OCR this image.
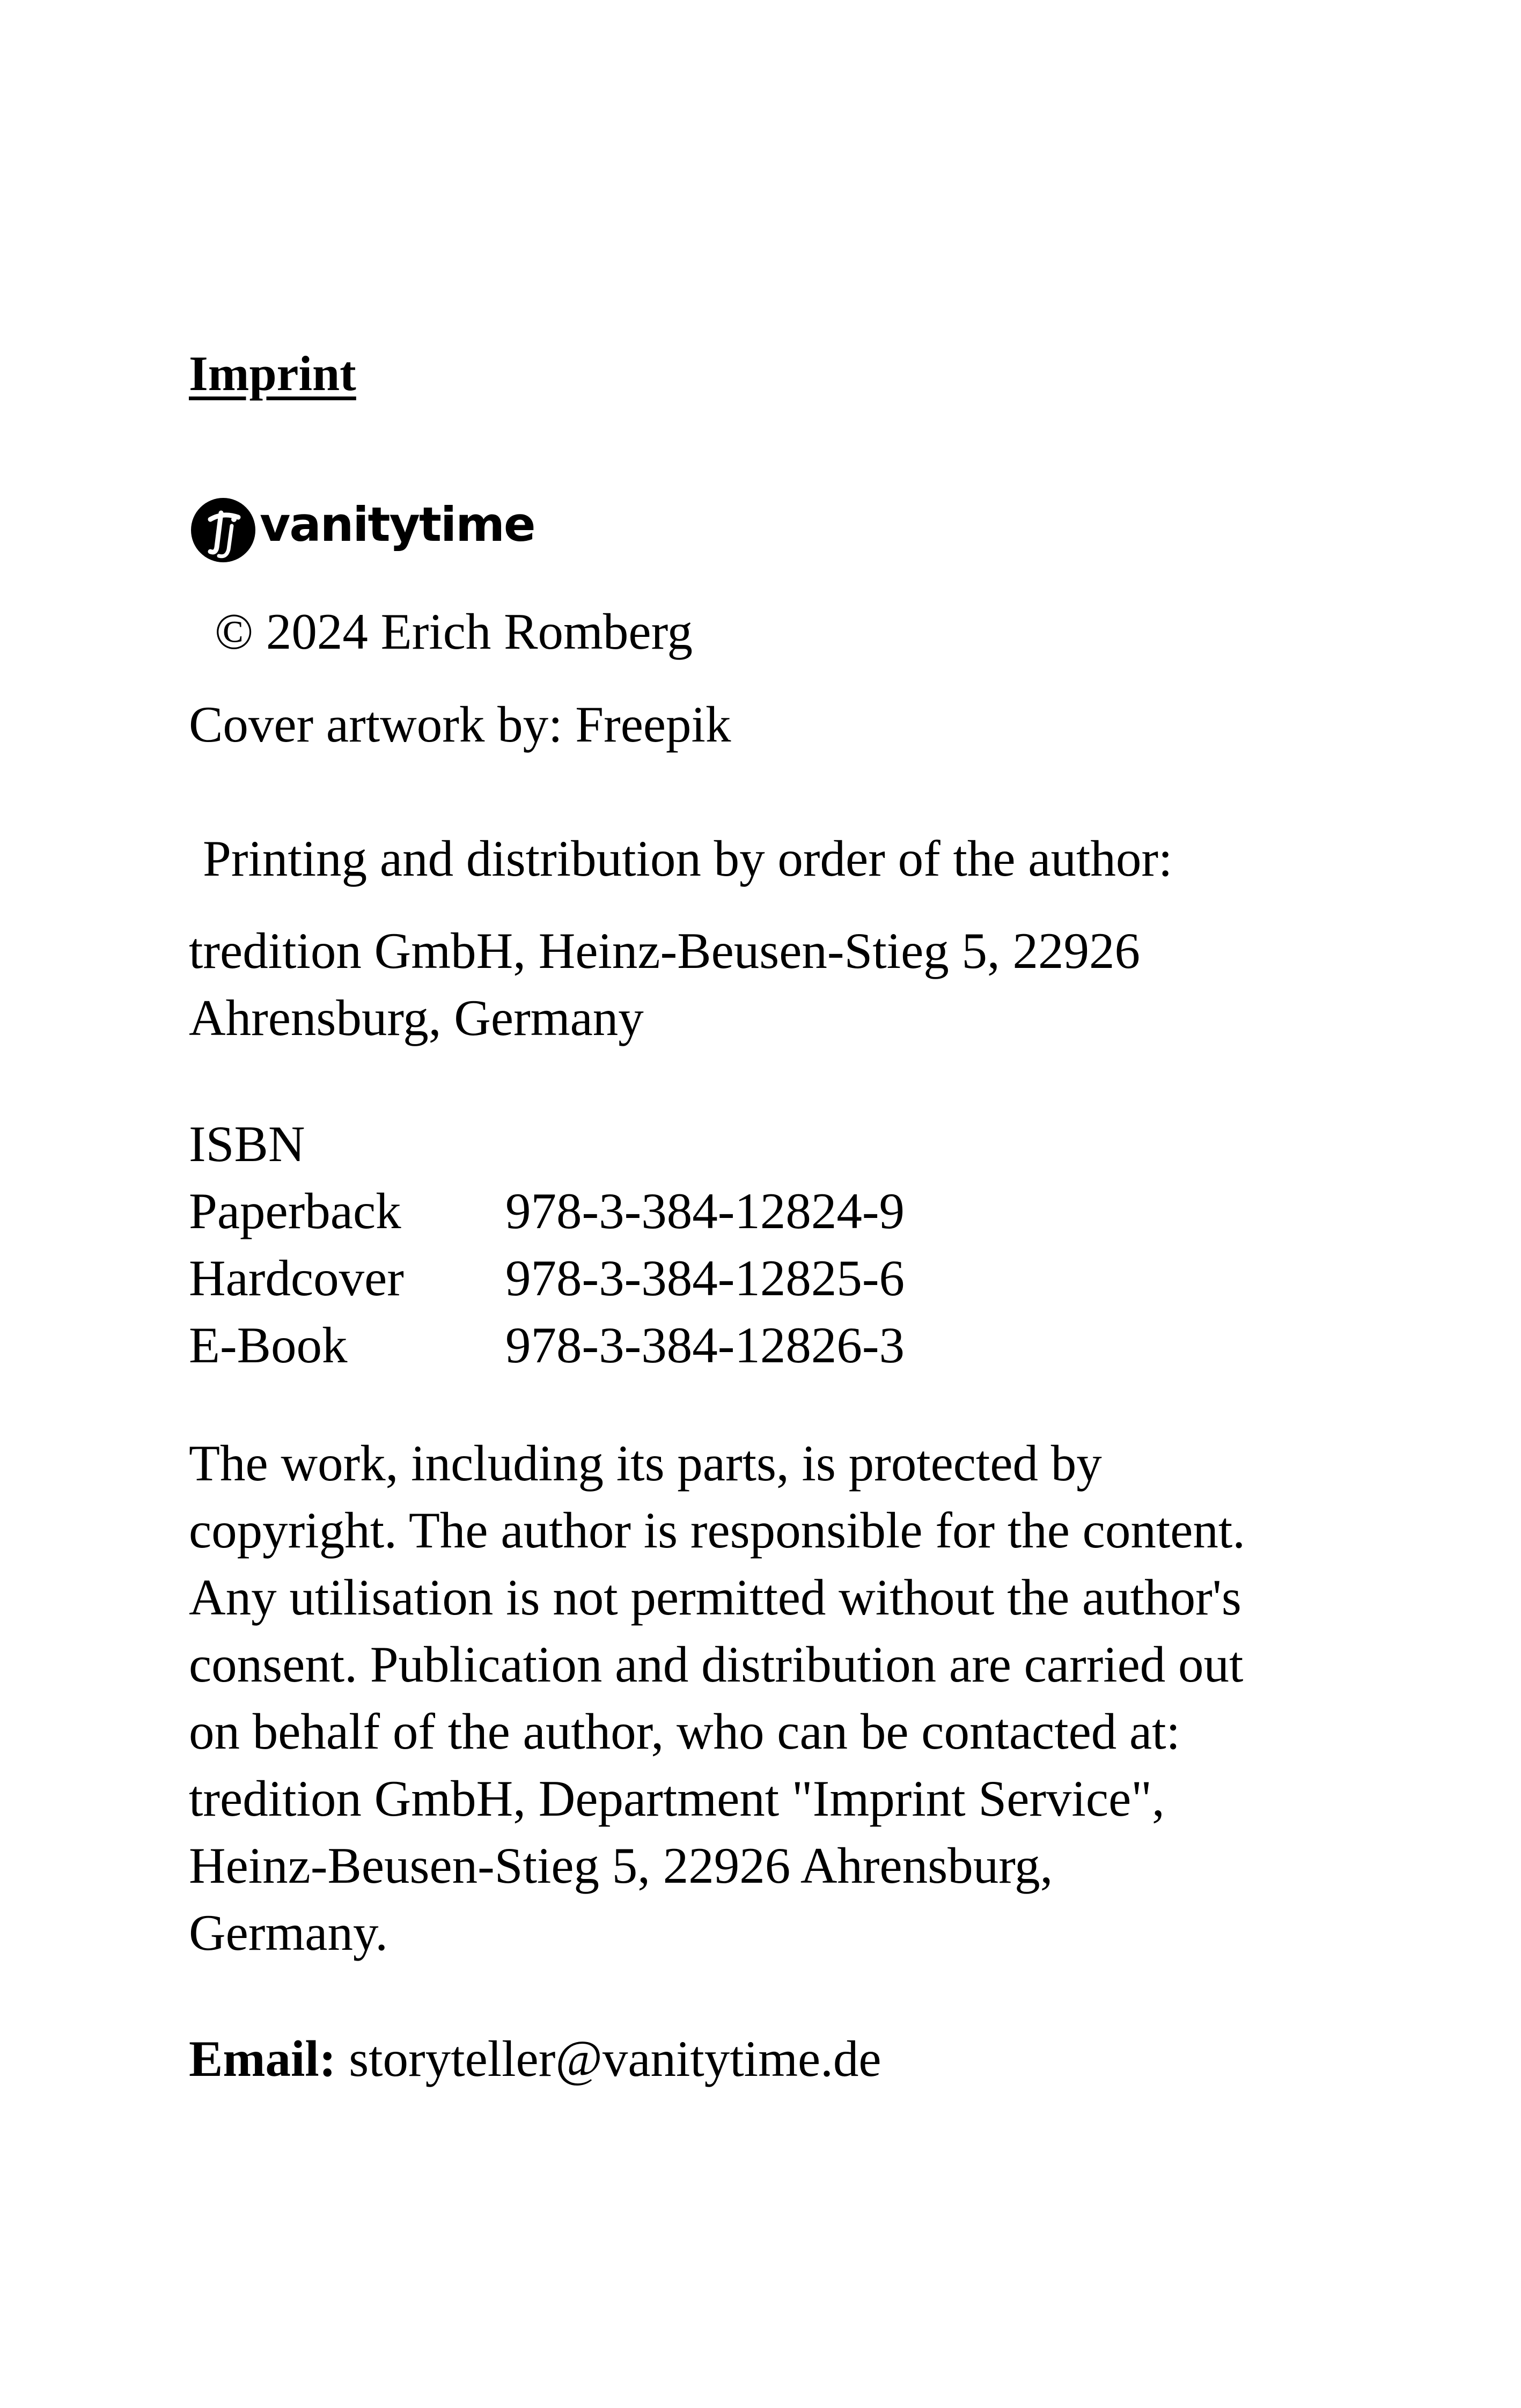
Imprint
vanitytime
© 2024 Erich Romberg
Cover artwork by: Freepik
Printing and distribution by order of the author:
tredition GmbH, Heinz-Beusen-Stieg 5, 22926
Ahrensburg, Germany
ISBN
Paperback	978-3-384-12824-9
Hardcover	978-3-384-12825-6
E-Book	978-3-384-12826-3
The work, including its parts, is protected by
copyright. The author is responsible for the content.
Any utilisation is not permitted without the author's
consent. Publication and distribution are carried out
on behalf of the author, who can be contacted at:
tredition GmbH, Department "Imprint Service",
Heinz-Beusen-Stieg 5, 22926 Ahrensburg,
Germany.
Email: storyteller@vanitytime.de
